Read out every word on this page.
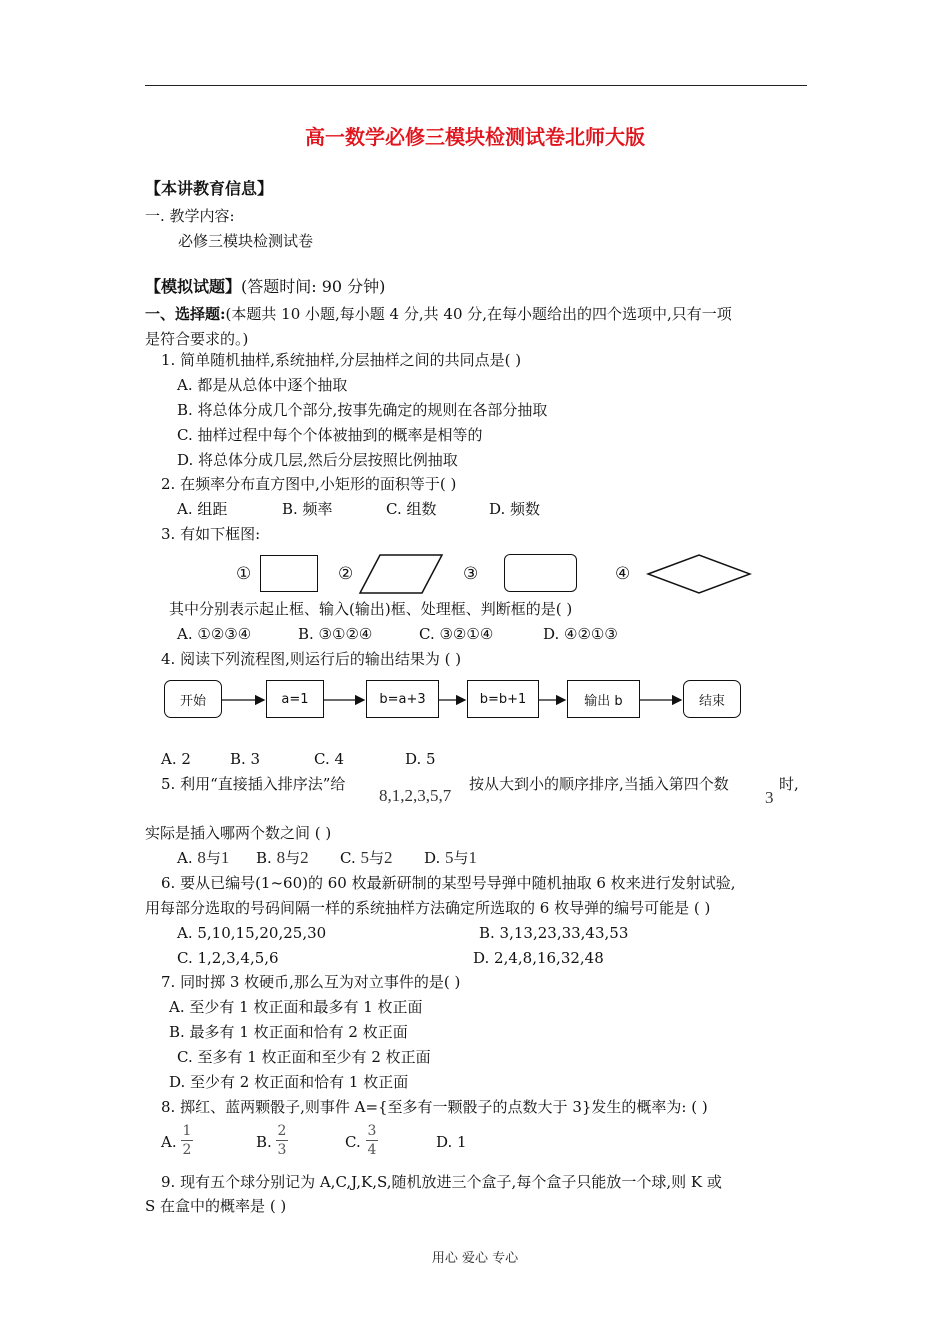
高一数学必修三模块检测试卷北师大版
【本讲教育信息】
一. 教学内容:
必修三模块检测试卷
【模拟试题】(答题时间: 90 分钟)
一、选择题:(本题共 10 小题,每小题 4 分,共 40 分,在每小题给出的四个选项中,只有一项
是符合要求的。)
1. 简单随机抽样,系统抽样,分层抽样之间的共同点是( )
A. 都是从总体中逐个抽取
B. 将总体分成几个部分,按事先确定的规则在各部分抽取
C. 抽样过程中每个个体被抽到的概率是相等的
D. 将总体分成几层,然后分层按照比例抽取
2. 在频率分布直方图中,小矩形的面积等于( )
A. 组距	B. 频率	C. 组数	D. 频数
3. 有如下框图:
①	②	③	④
其中分别表示起止框、输入(输出)框、处理框、判断框的是( )
A. ①②③④	B. ③①②④	C. ③②①④	D. ④②①③
4. 阅读下列流程图,则运行后的输出结果为 ( )
开始	a=1	b=a+3	b=b+1	输出 b	结束
A. 2	B. 3	C. 4	D. 5
5. 利用“直接插入排序法”给
8,1,2,3,5,7
按从大到小的顺序排序,当插入第四个数
3
时,
实际是插入哪两个数之间 ( )
A. 8与1 B. 8与2 C. 5与2 D. 5与1
6. 要从已编号(1~60)的 60 枚最新研制的某型号导弹中随机抽取 6 枚来进行发射试验,
用每部分选取的号码间隔一样的系统抽样方法确定所选取的 6 枚导弹的编号可能是 ( )
A. 5,10,15,20,25,30	B. 3,13,23,33,43,53
C. 1,2,3,4,5,6	D. 2,4,8,16,32,48
7. 同时掷 3 枚硬币,那么互为对立事件的是( )
A. 至少有 1 枚正面和最多有 1 枚正面
B. 最多有 1 枚正面和恰有 2 枚正面
C. 至多有 1 枚正面和至少有 2 枚正面
D. 至少有 2 枚正面和恰有 1 枚正面
8. 掷红、蓝两颗骰子,则事件 A={至多有一颗骰子的点数大于 3}发生的概率为: ( )
A.
1
2	B.
2
3	C.
3
4	D. 1
9. 现有五个球分别记为 A,C,J,K,S,随机放进三个盒子,每个盒子只能放一个球,则 K 或
S 在盒中的概率是 ( )
用心 爱心 专心
